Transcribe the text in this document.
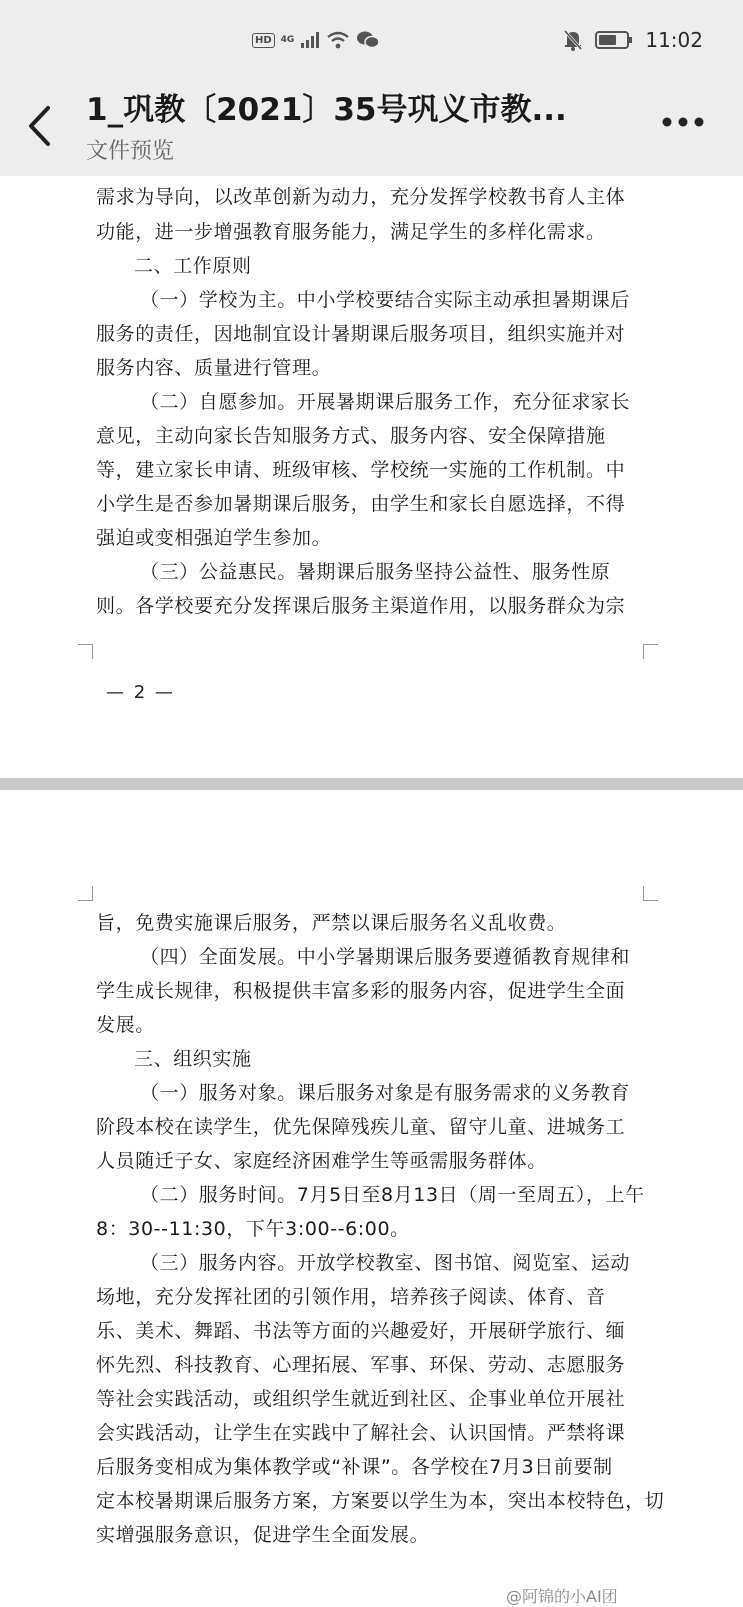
HD	4G	11:02
1_巩教〔2021〕35号巩义市教...
文件预览
需求为导向，以改革创新为动力，充分发挥学校教书育人主体
功能，进一步增强教育服务能力，满足学生的多样化需求。
二、工作原则
（一）学校为主。中小学校要结合实际主动承担暑期课后
服务的责任，因地制宜设计暑期课后服务项目，组织实施并对
服务内容、质量进行管理。
（二）自愿参加。开展暑期课后服务工作，充分征求家长
意见，主动向家长告知服务方式、服务内容、安全保障措施
等，建立家长申请、班级审核、学校统一实施的工作机制。中
小学生是否参加暑期课后服务，由学生和家长自愿选择，不得
强迫或变相强迫学生参加。
（三）公益惠民。暑期课后服务坚持公益性、服务性原
则。各学校要充分发挥课后服务主渠道作用，以服务群众为宗
— 2 —
旨，免费实施课后服务，严禁以课后服务名义乱收费。
（四）全面发展。中小学暑期课后服务要遵循教育规律和
学生成长规律，积极提供丰富多彩的服务内容，促进学生全面
发展。
三、组织实施
（一）服务对象。课后服务对象是有服务需求的义务教育
阶段本校在读学生，优先保障残疾儿童、留守儿童、进城务工
人员随迁子女、家庭经济困难学生等亟需服务群体。
（二）服务时间。7月5日至8月13日（周一至周五），上午
8：30--11:30，下午3:00--6:00。
（三）服务内容。开放学校教室、图书馆、阅览室、运动
场地，充分发挥社团的引领作用，培养孩子阅读、体育、音
乐、美术、舞蹈、书法等方面的兴趣爱好，开展研学旅行、缅
怀先烈、科技教育、心理拓展、军事、环保、劳动、志愿服务
等社会实践活动，或组织学生就近到社区、企事业单位开展社
会实践活动，让学生在实践中了解社会、认识国情。严禁将课
后服务变相成为集体教学或“补课”。各学校在7月3日前要制
定本校暑期课后服务方案，方案要以学生为本，突出本校特色，切
实增强服务意识，促进学生全面发展。
@阿锦的小AI团
